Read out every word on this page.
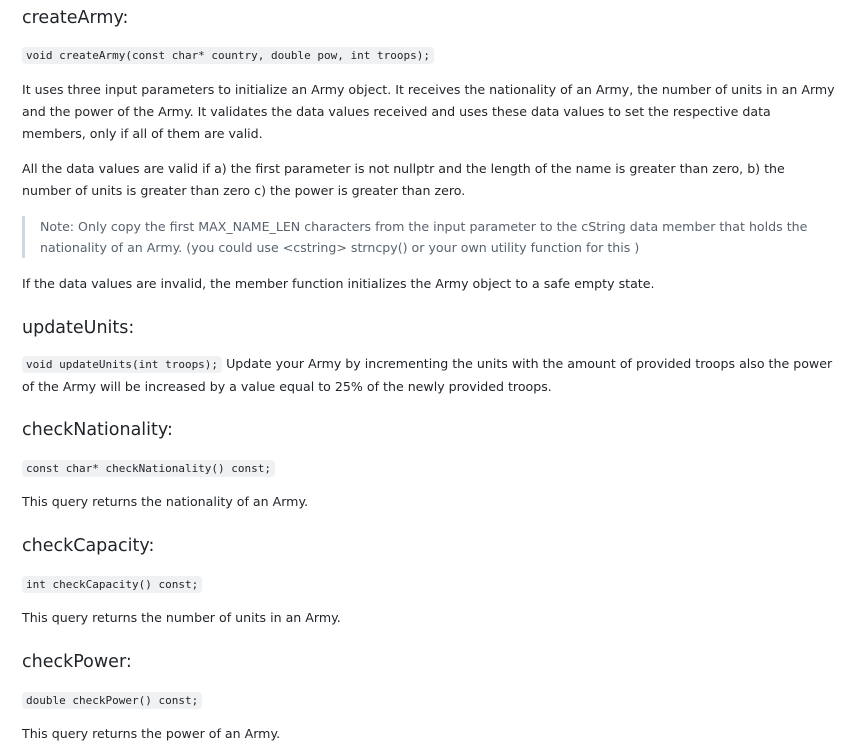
createArmy:
void createArmy(const char* country, double pow, int troops);

It uses three input parameters to initialize an Army object. It receives the nationality of an Army, the number of units in an Army and the power of the Army. It validates the data values received and uses these data values to set the respective data members, only if all of them are valid.

All the data values are valid if a) the first parameter is not nullptr and the length of the name is greater than zero, b) the number of units is greater than zero c) the power is greater than zero.

Note: Only copy the first MAX_NAME_LEN characters from the input parameter to the cString data member that holds the nationality of an Army. (you could use <cstring> strncpy() or your own utility function for this )

If the data values are invalid, the member function initializes the Army object to a safe empty state.

updateUnits:

void updateUnits(int troops); Update your Army by incrementing the units with the amount of provided troops also the power of the Army will be increased by a value equal to 25% of the newly provided troops.

checkNationality:
const char* checkNationality() const;

This query returns the nationality of an Army.

checkCapacity:
int checkCapacity() const;

This query returns the number of units in an Army.

checkPower:
double checkPower() const;

This query returns the power of an Army.
